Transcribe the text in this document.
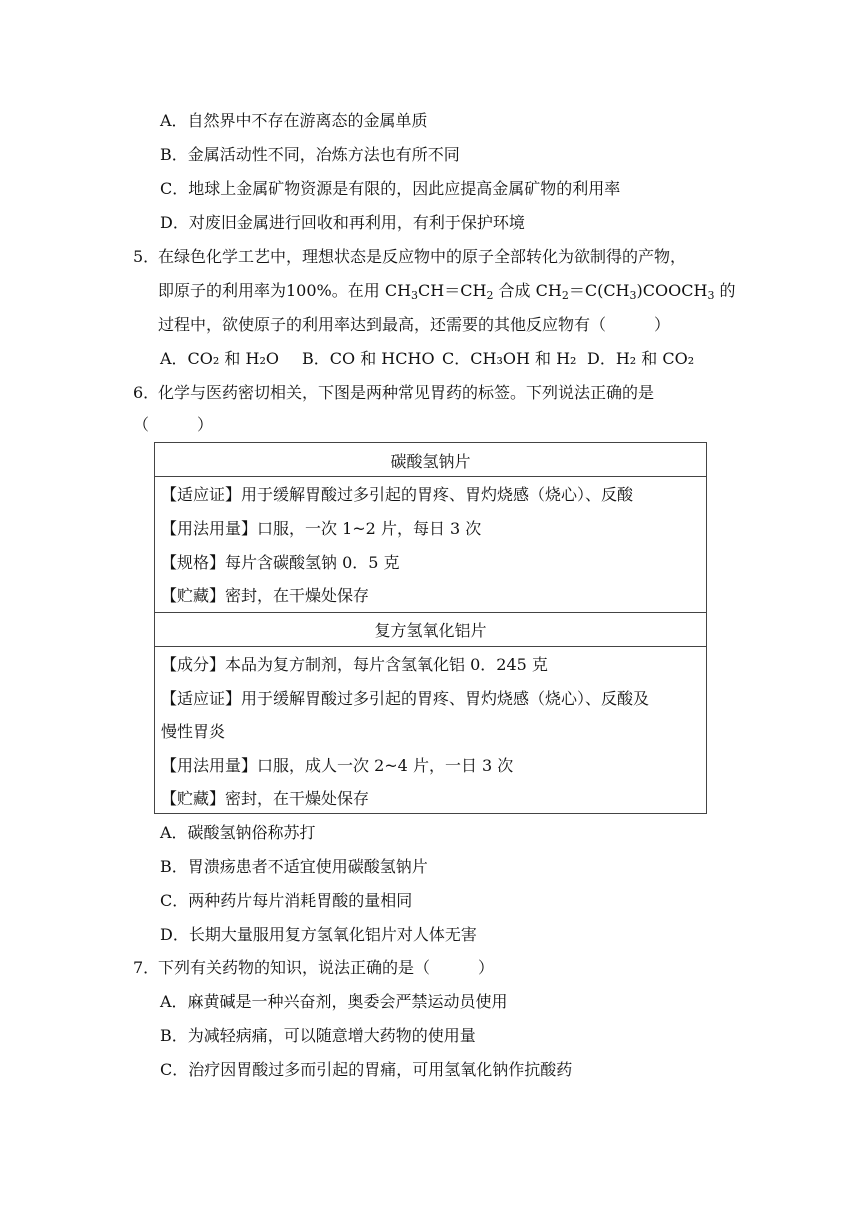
A．自然界中不存在游离态的金属单质
B．金属活动性不同，冶炼方法也有所不同
C．地球上金属矿物资源是有限的，因此应提高金属矿物的利用率
D．对废旧金属进行回收和再利用，有利于保护环境
5．
在绿色化学工艺中，理想状态是反应物中的原子全部转化为欲制得的产物，
即原子的利用率为100%。在用 $CH_3CH=CH_2$ 合成 $CH_2=C(CH_3)COOCH_3$ 的
过程中，欲使原子的利用率达到最高，还需要的其他反应物有（　　　）
A．CO₂ 和 H₂O B．CO 和 HCHO C．CH₃OH 和 H₂ D．H₂ 和 CO₂
6．
化学与医药密切相关，下图是两种常见胃药的标签。下列说法正确的是
（　　　）
碳酸氢钠片
【适应证】用于缓解胃酸过多引起的胃疼、胃灼烧感（烧心）、反酸
【用法用量】口服，一次 1~2 片，每日 3 次
【规格】每片含碳酸氢钠 0．5 克
【贮藏】密封，在干燥处保存
复方氢氧化铝片
【成分】本品为复方制剂，每片含氢氧化铝 0．245 克
【适应证】用于缓解胃酸过多引起的胃疼、胃灼烧感（烧心）、反酸及
慢性胃炎
【用法用量】口服，成人一次 2~4 片，一日 3 次
【贮藏】密封，在干燥处保存
A．碳酸氢钠俗称苏打
B．胃溃疡患者不适宜使用碳酸氢钠片
C．两种药片每片消耗胃酸的量相同
D．长期大量服用复方氢氧化铝片对人体无害
7．
下列有关药物的知识，说法正确的是（　　　）
A．麻黄碱是一种兴奋剂，奥委会严禁运动员使用
B．为减轻病痛，可以随意增大药物的使用量
C．治疗因胃酸过多而引起的胃痛，可用氢氧化钠作抗酸药
